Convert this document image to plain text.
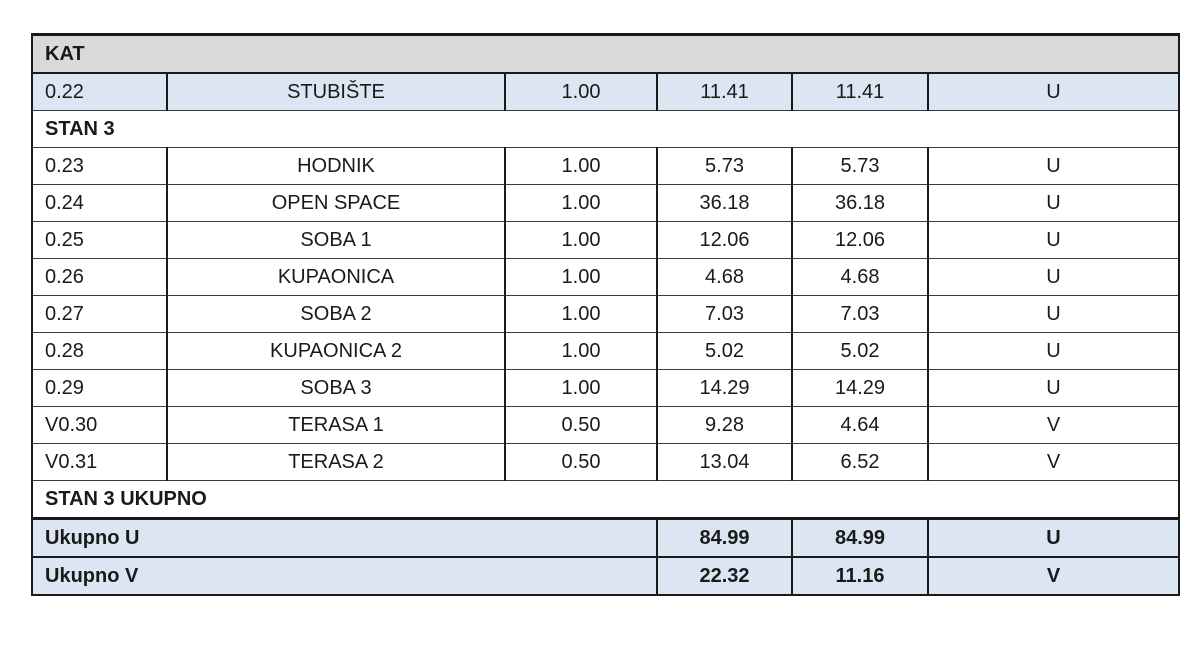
KAT					
0.22	STUBIŠTE	1.00	11.41	11.41	U
STAN 3					
0.23	HODNIK	1.00	5.73	5.73	U
0.24	OPEN SPACE	1.00	36.18	36.18	U
0.25	SOBA 1	1.00	12.06	12.06	U
0.26	KUPAONICA	1.00	4.68	4.68	U
0.27	SOBA 2	1.00	7.03	7.03	U
0.28	KUPAONICA 2	1.00	5.02	5.02	U
0.29	SOBA 3	1.00	14.29	14.29	U
V0.30	TERASA 1	0.50	9.28	4.64	V
V0.31	TERASA 2	0.50	13.04	6.52	V
STAN 3 UKUPNO					
Ukupno U			84.99	84.99	U
Ukupno V			22.32	11.16	V
